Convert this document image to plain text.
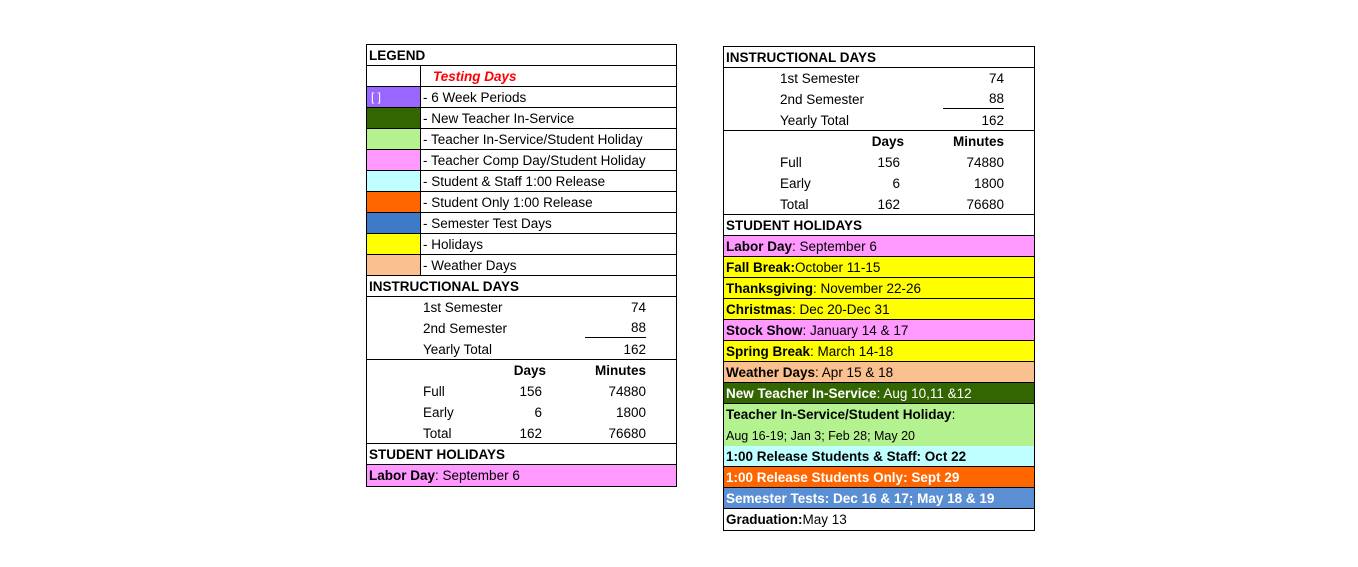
LEGEND
Testing Days
[ ]	- 6 Week Periods
- New Teacher In-Service
- Teacher In-Service/Student Holiday
- Teacher Comp Day/Student Holiday
- Student & Staff 1:00 Release
- Student Only 1:00 Release
- Semester Test Days
- Holidays
- Weather Days
INSTRUCTIONAL DAYS
1st Semester	74
2nd Semester	88
Yearly Total	162
Days	Minutes
Full	156	74880
Early	6	1800
Total	162	76680
STUDENT HOLIDAYS
Labor Day : September 6
INSTRUCTIONAL DAYS
1st Semester	74
2nd Semester	88
Yearly Total	162
Days	Minutes
Full	156	74880
Early	6	1800
Total	162	76680
STUDENT HOLIDAYS
Labor Day : September 6
Fall Break: October 11-15
Thanksgiving : November 22-26
Christmas : Dec 20-Dec 31
Stock Show : January 14 & 17
Spring Break : March 14-18
Weather Days : Apr 15 & 18
New Teacher In-Service : Aug 10,11 &12
Teacher In-Service/Student Holiday :
Aug 16-19; Jan 3; Feb 28; May 20
1:00 Release Students & Staff: Oct 22
1:00 Release Students Only: Sept 29
Semester Tests: Dec 16 & 17; May 18 & 19
Graduation: May 13
